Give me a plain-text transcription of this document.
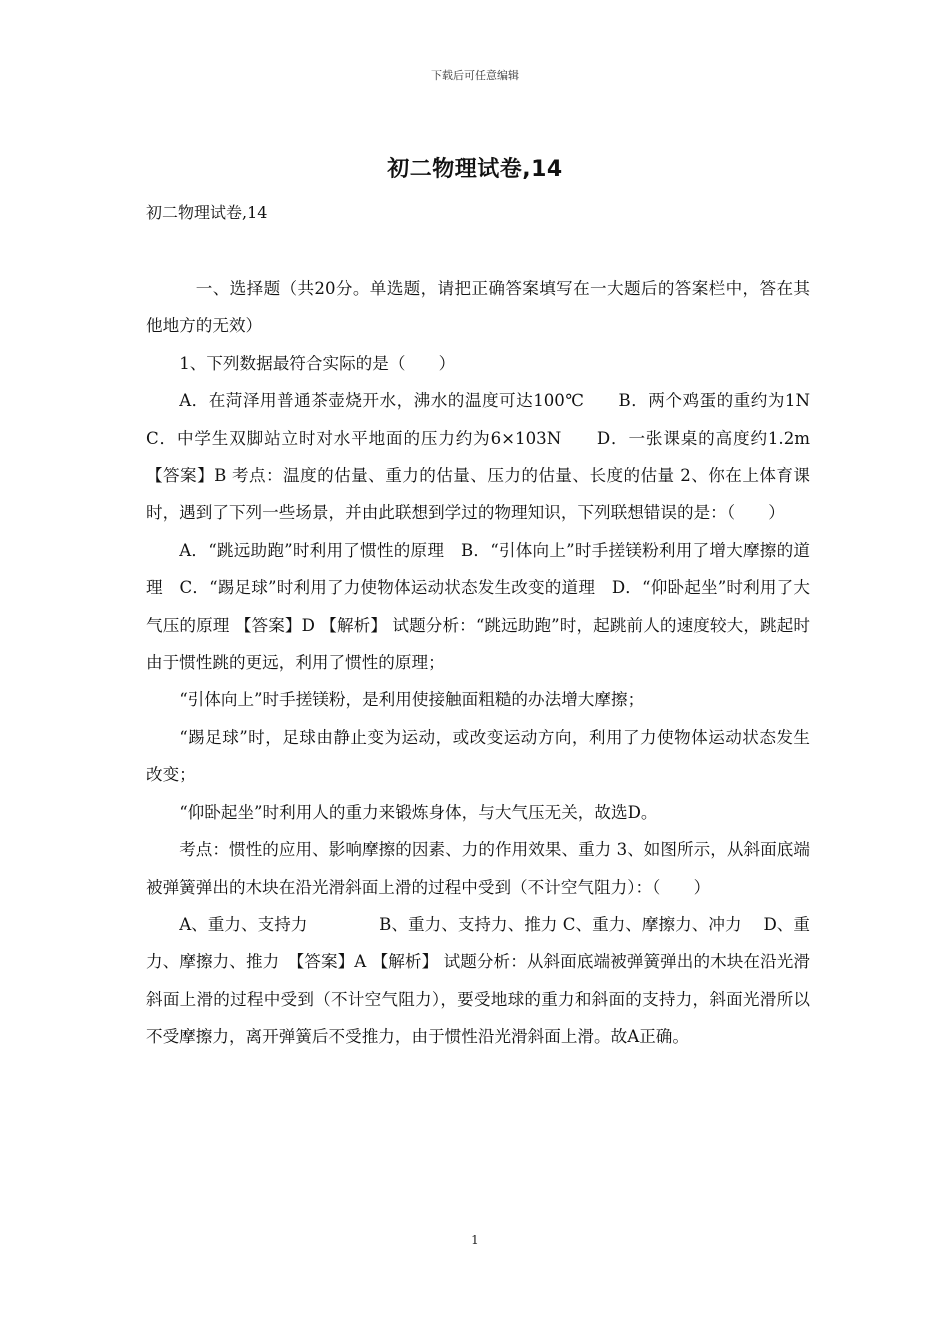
下载后可任意编辑
初二物理试卷,14
初二物理试卷,14

一、选择题（共20分。单选题，请把正确答案填写在一大题后的答案栏中，答在其他地方的无效）

1、下列数据最符合实际的是（　　）

A．在菏泽用普通茶壶烧开水，沸水的温度可达100℃　　B．两个鸡蛋的重约为1N　C．中学生双脚站立时对水平地面的压力约为6×103N　　D．一张课桌的高度约1.2m 【答案】B 考点：温度的估量、重力的估量、压力的估量、长度的估量 2、你在上体育课时，遇到了下列一些场景，并由此联想到学过的物理知识，下列联想错误的是：（　　）

A．“跳远助跑”时利用了惯性的原理　B．“引体向上”时手搓镁粉利用了增大摩擦的道理　C．“踢足球”时利用了力使物体运动状态发生改变的道理　D．“仰卧起坐”时利用了大气压的原理 【答案】D 【解析】 试题分析：“跳远助跑”时，起跳前人的速度较大，跳起时由于惯性跳的更远，利用了惯性的原理；

“引体向上”时手搓镁粉，是利用使接触面粗糙的办法增大摩擦；

“踢足球”时，足球由静止变为运动，或改变运动方向，利用了力使物体运动状态发生改变；

“仰卧起坐”时利用人的重力来锻炼身体，与大气压无关，故选D。

考点：惯性的应用、影响摩擦的因素、力的作用效果、重力 3、如图所示，从斜面底端被弹簧弹出的木块在沿光滑斜面上滑的过程中受到（不计空气阻力）：（　　）

A、重力、支持力　　　　 B、重力、支持力、推力 C、重力、摩擦力、冲力　 D、重力、摩擦力、推力　【答案】A 【解析】 试题分析：从斜面底端被弹簧弹出的木块在沿光滑斜面上滑的过程中受到（不计空气阻力），要受地球的重力和斜面的支持力，斜面光滑所以不受摩擦力，离开弹簧后不受推力，由于惯性沿光滑斜面上滑。故A正确。

1
